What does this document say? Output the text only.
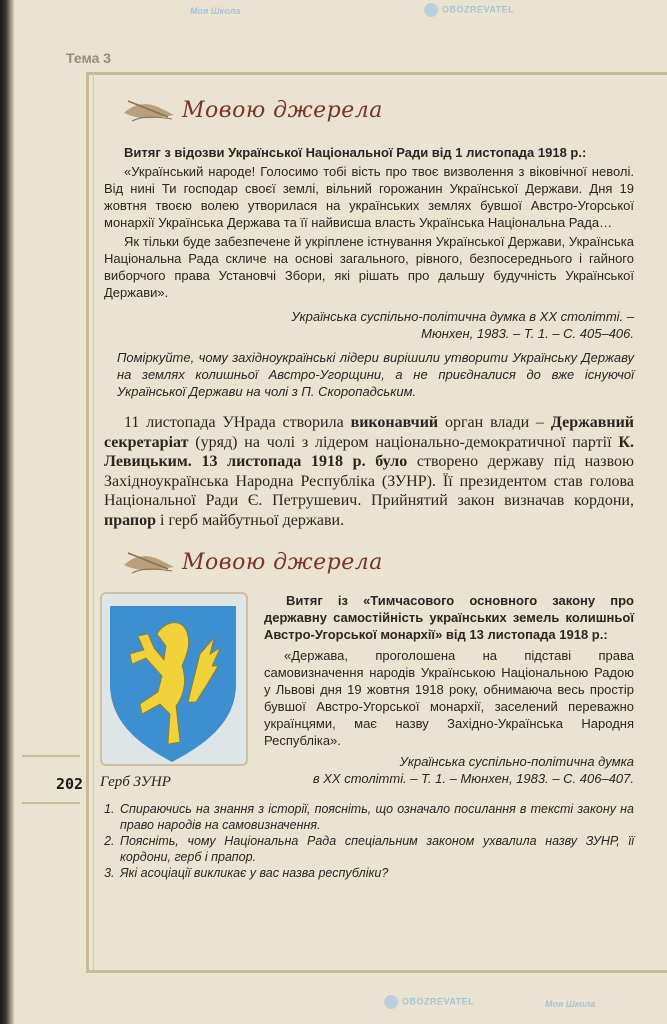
Тема 3
202
Моя Школа	OBOZREVATEL
OBOZREVATEL	Моя Школа
Мовою джерела
Витяг з відозви Української Національної Ради від 1 листопада 1918 р.:
«Український народе! Голосимо тобі вість про твоє визволення з віковічної неволі. Від нині Ти господар своєї землі, вільний горожанин Української Держави. Дня 19 жовтня твоєю волею утворилася на українських землях бувшої Австро-Угорської монархії Українська Держава та її найвисша власть Українська Національна Рада…
Як тільки буде забезпечене й укріплене істнування Української Держави, Українська Національна Рада скличе на основі загального, рівного, безпосереднього і гайного виборчого права Установчі Збори, які рішать про дальшу будучність Української Держави».
Українська суспільно-політична думка в XX столітті. –
Мюнхен, 1983. – Т. 1. – С. 405–406.
Поміркуйте, чому західноукраїнські лідери вирішили утворити Українську Державу на землях колишньої Австро-Угорщини, а не приєдналися до вже існуючої Української Держави на чолі з П. Скоропадським.
11 листопада УНрада створила виконавчий орган влади – Державний секретаріат (уряд) на чолі з лідером національно-демократичної партії К. Левицьким. 13 листопада 1918 р. було створено державу під назвою Західноукраїнська Народна Республіка (ЗУНР). Її президентом став голова Національної Ради Є. Петрушевич. Прийнятий закон визначав кордони, прапор і герб майбутньої держави.
Мовою джерела
Герб ЗУНР
Витяг із «Тимчасового основного закону про державну самостійність українських земель колишньої Австро-Угорської монархії» від 13 листопада 1918 р.:
«Держава, проголошена на підставі права самовизначення народів Українською Національною Радою у Львові дня 19 жовтня 1918 року, обнимаюча весь простір бувшої Австро-Угорської монархії, заселений переважно українцями, має назву Західно-Українська Народня Республіка».
Українська суспільно-політична думка
в XX столітті. – Т. 1. – Мюнхен, 1983. – С. 406–407.
1. Спираючись на знання з історії, поясніть, що означало посилання в тексті закону на право народів на самовизначення.
2. Поясніть, чому Національна Рада спеціальним законом ухвалила назву ЗУНР, її кордони, герб і прапор.
3. Які асоціації викликає у вас назва республіки?
